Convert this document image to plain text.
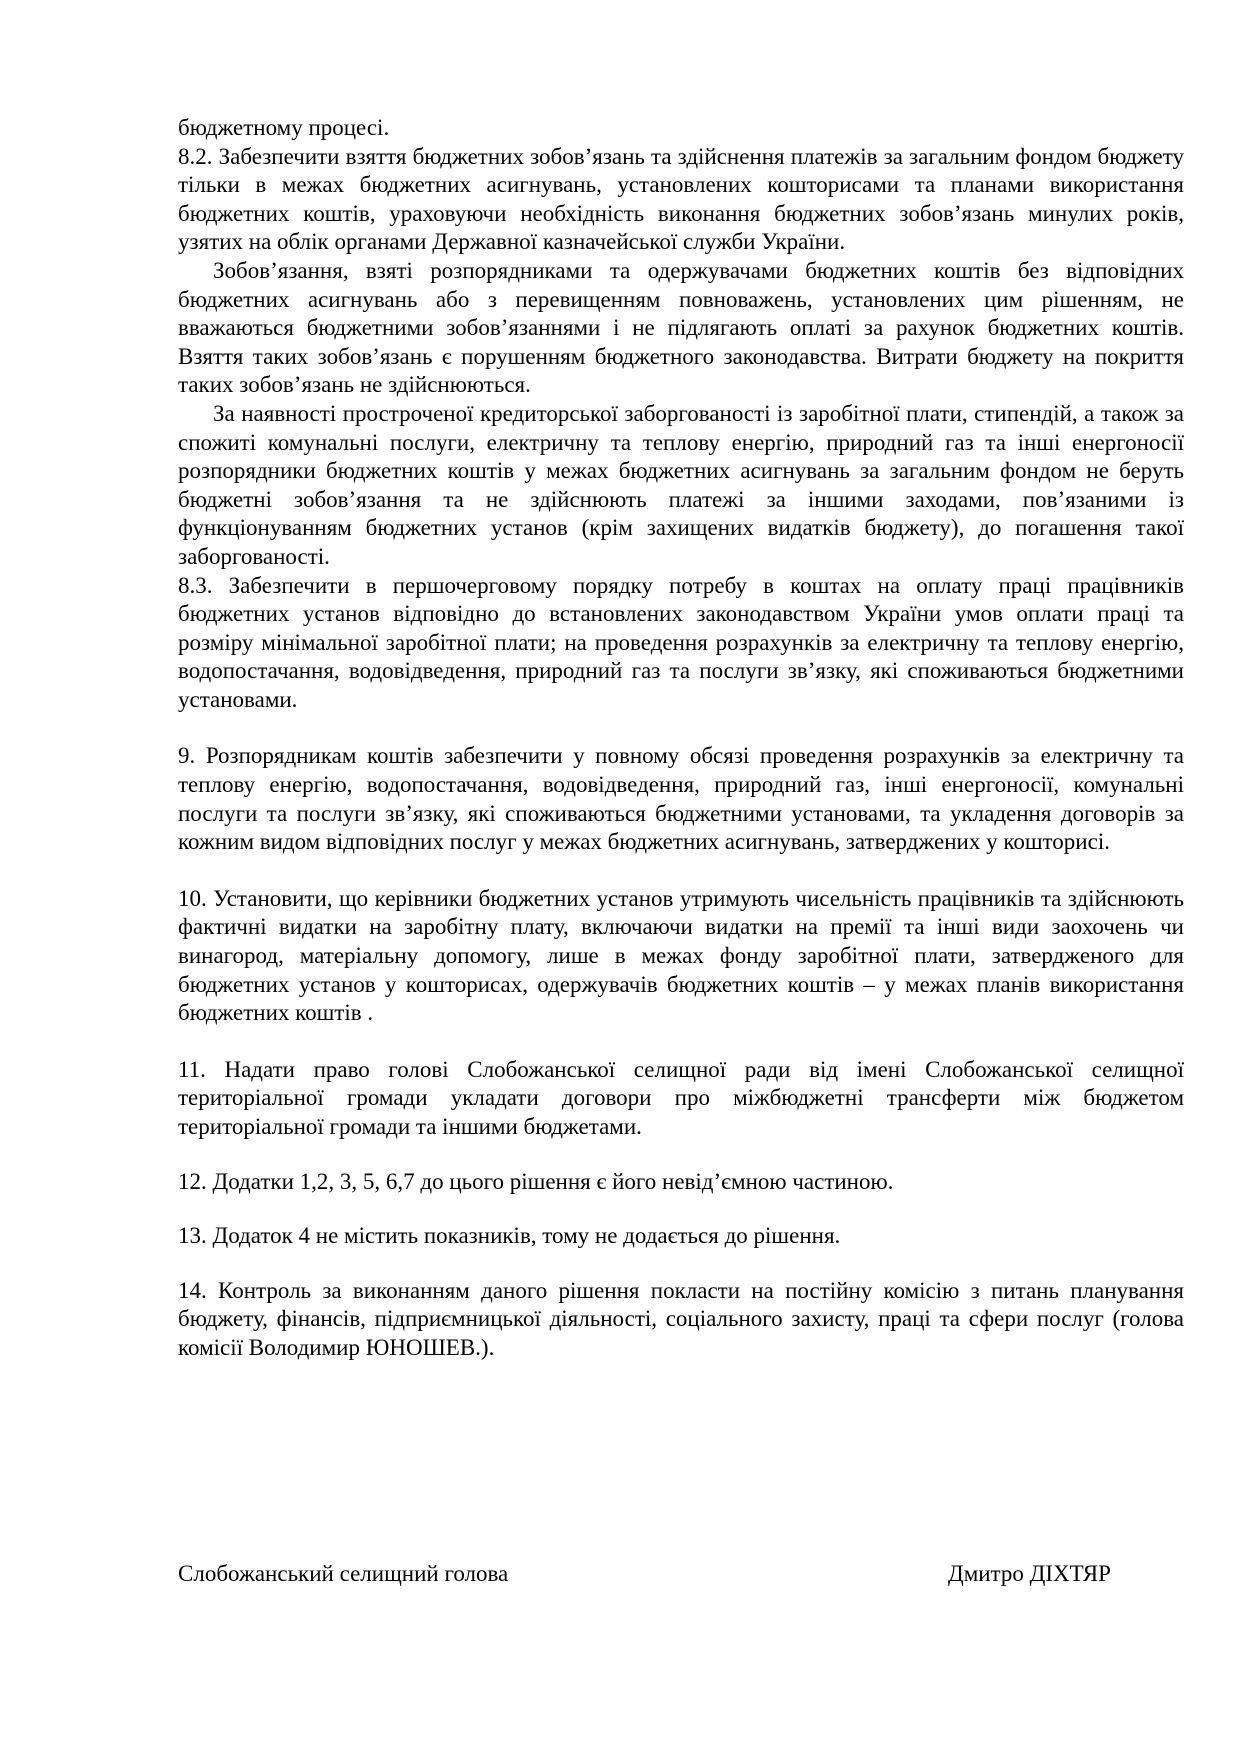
бюджетному процесі.

8.2. Забезпечити взяття бюджетних зобов’язань та здійснення платежів за загальним фондом бюджету тільки в межах бюджетних асигнувань, установлених кошторисами та планами використання бюджетних коштів, ураховуючи необхідність виконання бюджетних зобов’язань минулих років, узятих на облік органами Державної казначейської служби України.

Зобов’язання, взяті розпорядниками та одержувачами бюджетних коштів без відповідних бюджетних асигнувань або з перевищенням повноважень, установлених цим рішенням, не вважаються бюджетними зобов’язаннями і не підлягають оплаті за рахунок бюджетних коштів. Взяття таких зобов’язань є порушенням бюджетного законодавства. Витрати бюджету на покриття таких зобов’язань не здійснюються.

За наявності простроченої кредиторської заборгованості із заробітної плати, стипендій, а також за спожиті комунальні послуги, електричну та теплову енергію, природний газ та інші енергоносії розпорядники бюджетних коштів у межах бюджетних асигнувань за загальним фондом не беруть бюджетні зобов’язання та не здійснюють платежі за іншими заходами, пов’язаними із функціонуванням бюджетних установ (крім захищених видатків бюджету), до погашення такої заборгованості.

8.3. Забезпечити в першочерговому порядку потребу в коштах на оплату праці працівників бюджетних установ відповідно до встановлених законодавством України умов оплати праці та розміру мінімальної заробітної плати; на проведення розрахунків за електричну та теплову енергію, водопостачання, водовідведення, природний газ та послуги зв’язку, які споживаються бюджетними установами.

9. Розпорядникам коштів забезпечити у повному обсязі проведення розрахунків за електричну та теплову енергію, водопостачання, водовідведення, природний газ, інші енергоносії, комунальні послуги та послуги зв’язку, які споживаються бюджетними установами, та укладення договорів за кожним видом відповідних послуг у межах бюджетних асигнувань, затверджених у кошторисі.

10. Установити, що керівники бюджетних установ утримують чисельність працівників та здійснюють фактичні видатки на заробітну плату, включаючи видатки на премії та інші види заохочень чи винагород, матеріальну допомогу, лише в межах фонду заробітної плати, затвердженого для бюджетних установ у кошторисах, одержувачів бюджетних коштів – у межах планів використання бюджетних коштів .

11. Надати право голові Слобожанської селищної ради від імені Слобожанської селищної територіальної громади укладати договори про міжбюджетні трансферти між бюджетом територіальної громади та іншими бюджетами.

12. Додатки 1,2, 3, 5, 6,7 до цього рішення є його невід’ємною частиною.

13. Додаток 4 не містить показників, тому не додається до рішення.

14. Контроль за виконанням даного рішення покласти на постійну комісію з питань планування бюджету, фінансів, підприємницької діяльності, соціального захисту, праці та сфери послуг (голова комісії Володимир ЮНОШЕВ.).

Слобожанський селищний голова	Дмитро ДІХТЯР
